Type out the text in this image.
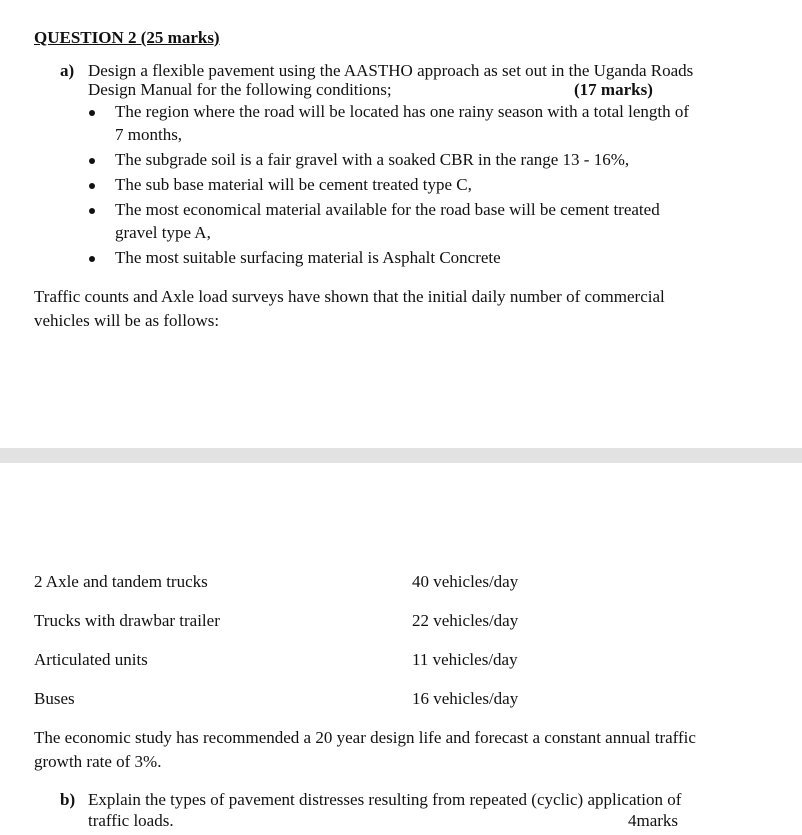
QUESTION 2 (25 marks)
a) Design a flexible pavement using the AASTHO approach as set out in the Uganda Roads
Design Manual for the following conditions;	(17 marks)
The region where the road will be located has one rainy season with a total length of
7 months,
The subgrade soil is a fair gravel with a soaked CBR in the range 13 - 16%,
The sub base material will be cement treated type C,
The most economical material available for the road base will be cement treated
gravel type A,
The most suitable surfacing material is Asphalt Concrete
Traffic counts and Axle load surveys have shown that the initial daily number of commercial
vehicles will be as follows:
2 Axle and tandem trucks	40 vehicles/day
Trucks with drawbar trailer	22 vehicles/day
Articulated units	11 vehicles/day
Buses	16 vehicles/day
The economic study has recommended a 20 year design life and forecast a constant annual traffic
growth rate of 3%.
b) Explain the types of pavement distresses resulting from repeated (cyclic) application of
traffic loads.	4marks
